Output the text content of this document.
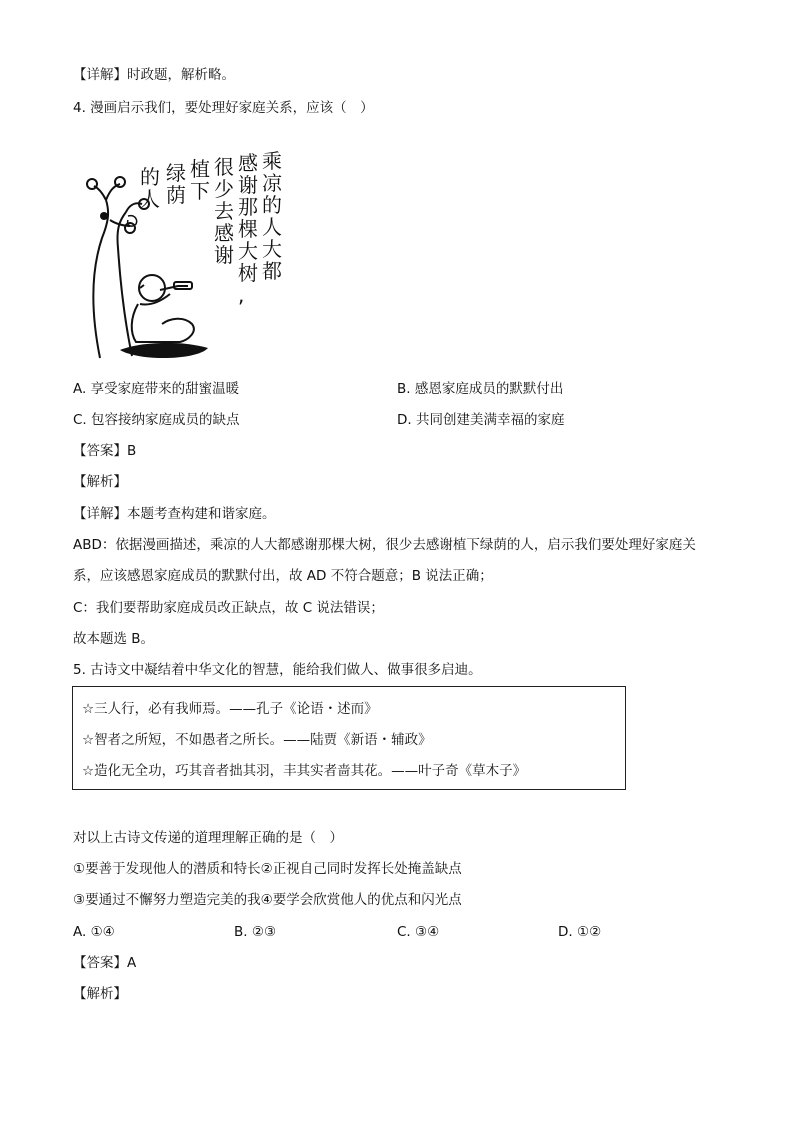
【详解】时政题，解析略。
4. 漫画启示我们，要处理好家庭关系，应该（　）
乘凉的人大都
感谢那棵大树,
很少去感谢
植下
绿荫
的人
A. 享受家庭带来的甜蜜温暖	B. 感恩家庭成员的默默付出
C. 包容接纳家庭成员的缺点	D. 共同创建美满幸福的家庭
【答案】B
【解析】
【详解】本题考查构建和谐家庭。
ABD：依据漫画描述，乘凉的人大都感谢那棵大树，很少去感谢植下绿荫的人，启示我们要处理好家庭关
系，应该感恩家庭成员的默默付出，故 AD 不符合题意；B 说法正确；
C：我们要帮助家庭成员改正缺点，故 C 说法错误；
故本题选 B。
5. 古诗文中凝结着中华文化的智慧，能给我们做人、做事很多启迪。
☆三人行，必有我师焉。——孔子《论语・述而》
☆智者之所短，不如愚者之所长。——陆贾《新语・辅政》
☆造化无全功，巧其音者拙其羽，丰其实者啬其花。——叶子奇《草木子》
对以上古诗文传递的道理理解正确的是（　）
①要善于发现他人的潜质和特长②正视自己同时发挥长处掩盖缺点
③要通过不懈努力塑造完美的我④要学会欣赏他人的优点和闪光点
A. ①④	B. ②③	C. ③④	D. ①②
【答案】A
【解析】
